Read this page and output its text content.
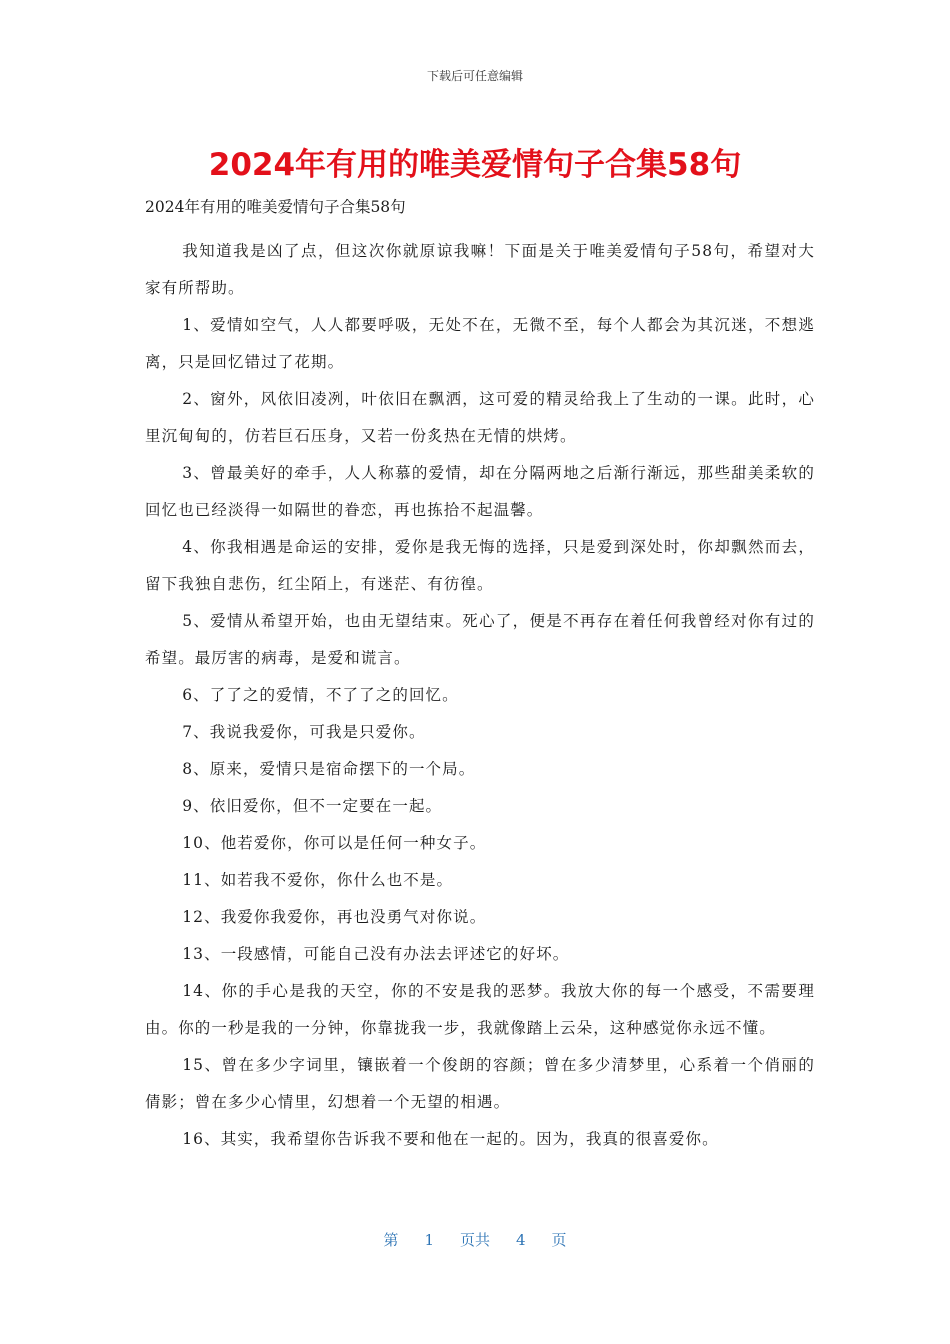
下载后可任意编辑
2024年有用的唯美爱情句子合集58句

2024年有用的唯美爱情句子合集58句

我知道我是凶了点，但这次你就原谅我嘛！下面是关于唯美爱情句子58句，希望对大家有所帮助。

1、爱情如空气，人人都要呼吸，无处不在，无微不至，每个人都会为其沉迷，不想逃离，只是回忆错过了花期。

2、窗外，风依旧凌冽，叶依旧在飘洒，这可爱的精灵给我上了生动的一课。此时，心里沉甸甸的，仿若巨石压身，又若一份炙热在无情的烘烤。

3、曾最美好的牵手，人人称慕的爱情，却在分隔两地之后渐行渐远，那些甜美柔软的回忆也已经淡得一如隔世的眷恋，再也拣拾不起温馨。

4、你我相遇是命运的安排，爱你是我无悔的选择，只是爱到深处时，你却飘然而去，留下我独自悲伤，红尘陌上，有迷茫、有彷徨。

5、爱情从希望开始，也由无望结束。死心了，便是不再存在着任何我曾经对你有过的希望。最厉害的病毒，是爱和谎言。

6、了了之的爱情，不了了之的回忆。

7、我说我爱你，可我是只爱你。

8、原来，爱情只是宿命摆下的一个局。

9、依旧爱你，但不一定要在一起。

10、他若爱你，你可以是任何一种女子。

11、如若我不爱你，你什么也不是。

12、我爱你我爱你，再也没勇气对你说。

13、一段感情，可能自己没有办法去评述它的好坏。

14、你的手心是我的天空，你的不安是我的恶梦。我放大你的每一个感受，不需要理由。你的一秒是我的一分钟，你靠拢我一步，我就像踏上云朵，这种感觉你永远不懂。

15、曾在多少字词里，镶嵌着一个俊朗的容颜；曾在多少清梦里，心系着一个俏丽的倩影；曾在多少心情里，幻想着一个无望的相遇。

16、其实，我希望你告诉我不要和他在一起的。因为，我真的很喜爱你。

第 1 页共 4 页
